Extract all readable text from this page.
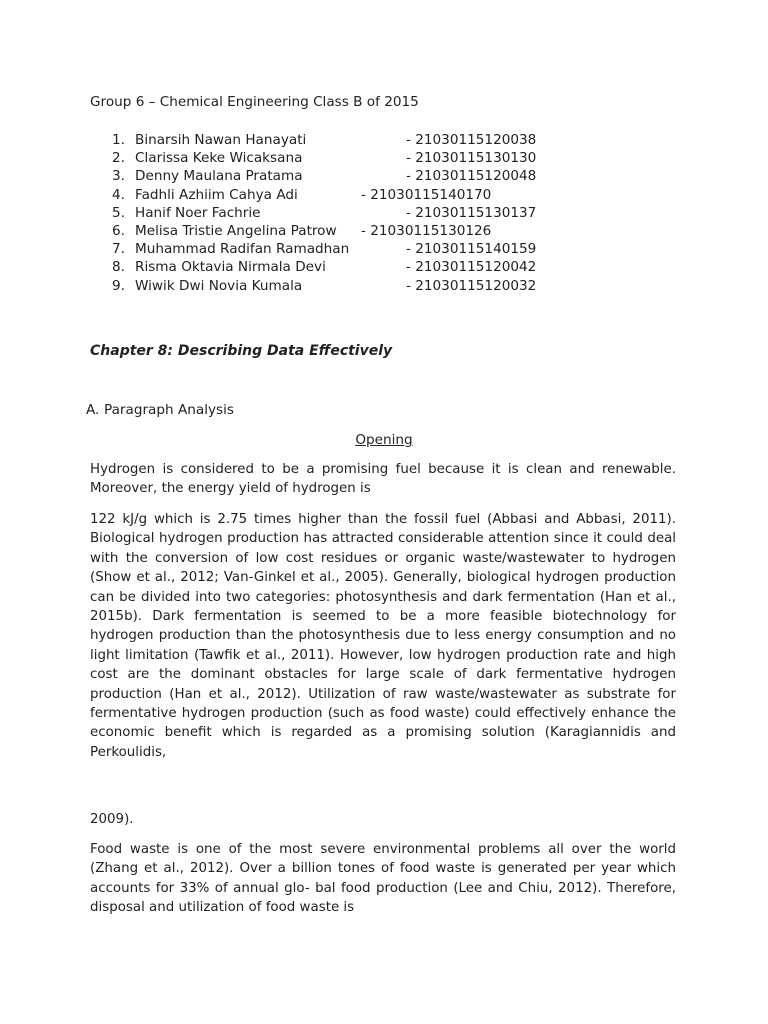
Group 6 – Chemical Engineering Class B of 2015
1. Binarsih Nawan Hanayati	- 21030115120038
2. Clarissa Keke Wicaksana	- 21030115130130
3. Denny Maulana Pratama	- 21030115120048
4. Fadhli Azhiim Cahya Adi	- 21030115140170
5. Hanif Noer Fachrie	- 21030115130137
6. Melisa Tristie Angelina Patrow - 21030115130126
7. Muhammad Radifan Ramadhan	- 21030115140159
8. Risma Oktavia Nirmala Devi	- 21030115120042
9. Wiwik Dwi Novia Kumala	- 21030115120032
Chapter 8: Describing Data Effectively
A. Paragraph Analysis
Opening

Hydrogen is considered to be a promising fuel because it is clean and renewable. Moreover, the energy yield of hydrogen is

122 kJ/g which is 2.75 times higher than the fossil fuel (Abbasi and Abbasi, 2011). Biological hydrogen production has attracted considerable attention since it could deal with the conversion of low cost residues or organic waste/wastewater to hydrogen (Show et al., 2012; Van-Ginkel et al., 2005). Generally, biological hydrogen production can be divided into two categories: photosynthesis and dark fermentation (Han et al., 2015b). Dark fermentation is seemed to be a more feasible biotechnology for hydrogen production than the photosynthesis due to less energy consumption and no light limitation (Tawfik et al., 2011). However, low hydrogen production rate and high cost are the dominant obstacles for large scale of dark fermentative hydrogen production (Han et al., 2012). Utilization of raw waste/wastewater as substrate for fermentative hydrogen production (such as food waste) could effectively enhance the economic benefit which is regarded as a promising solution (Karagiannidis and Perkoulidis,

2009).

Food waste is one of the most severe environmental problems all over the world (Zhang et al., 2012). Over a billion tones of food waste is generated per year which accounts for 33% of annual glo- bal food production (Lee and Chiu, 2012). Therefore, disposal and utilization of food waste is
